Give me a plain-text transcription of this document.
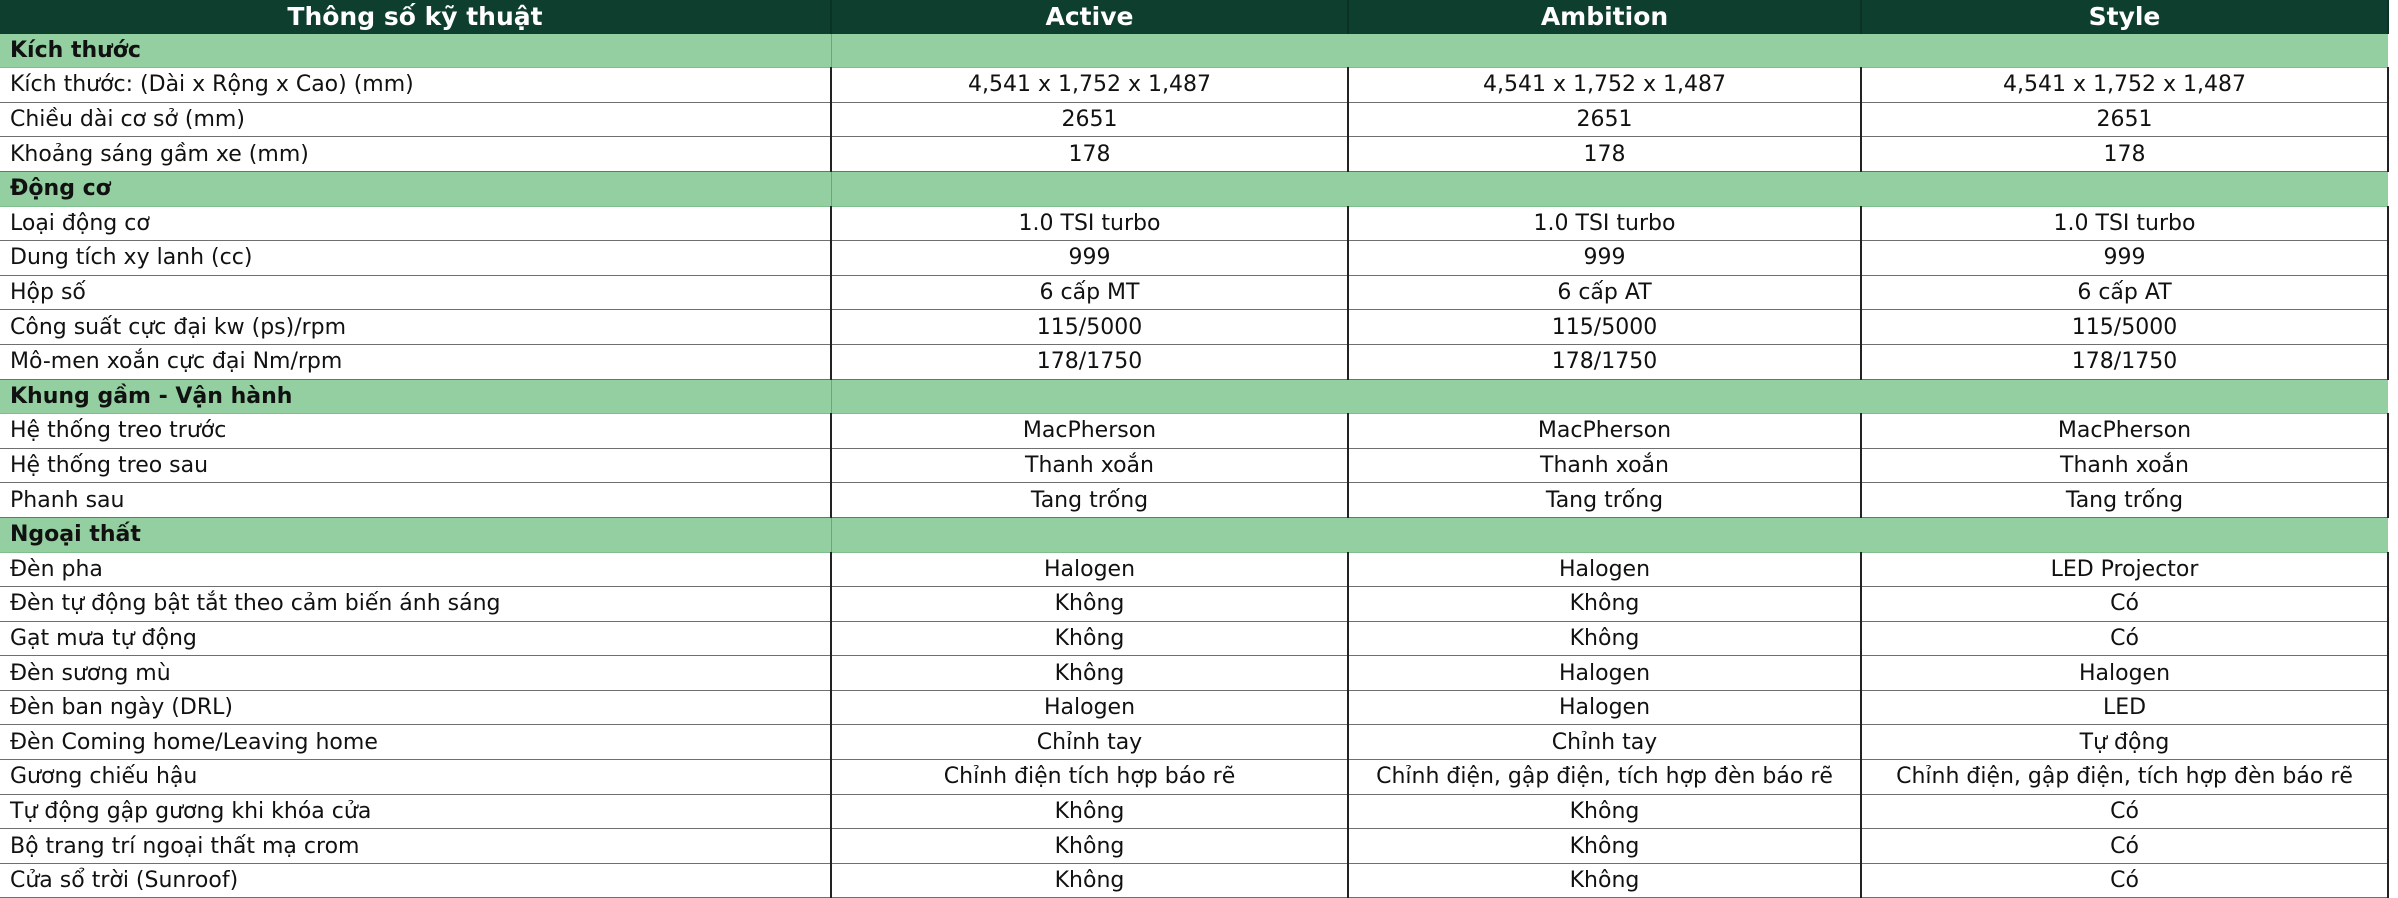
Thông số kỹ thuật	Active	Ambition	Style
Kích thước			
Kích thước: (Dài x Rộng x Cao) (mm)	4,541 x 1,752 x 1,487	4,541 x 1,752 x 1,487	4,541 x 1,752 x 1,487
Chiều dài cơ sở (mm)	2651	2651	2651
Khoảng sáng gầm xe (mm)	178	178	178
Động cơ			
Loại động cơ	1.0 TSI turbo	1.0 TSI turbo	1.0 TSI turbo
Dung tích xy lanh (cc)	999	999	999
Hộp số	6 cấp MT	6 cấp AT	6 cấp AT
Công suất cực đại kw (ps)/rpm	115/5000	115/5000	115/5000
Mô-men xoắn cực đại Nm/rpm	178/1750	178/1750	178/1750
Khung gầm - Vận hành			
Hệ thống treo trước	MacPherson	MacPherson	MacPherson
Hệ thống treo sau	Thanh xoắn	Thanh xoắn	Thanh xoắn
Phanh sau	Tang trống	Tang trống	Tang trống
Ngoại thất			
Đèn pha	Halogen	Halogen	LED Projector
Đèn tự động bật tắt theo cảm biến ánh sáng	Không	Không	Có
Gạt mưa tự động	Không	Không	Có
Đèn sương mù	Không	Halogen	Halogen
Đèn ban ngày (DRL)	Halogen	Halogen	LED
Đèn Coming home/Leaving home	Chỉnh tay	Chỉnh tay	Tự động
Gương chiếu hậu	Chỉnh điện tích hợp báo rẽ	Chỉnh điện, gập điện, tích hợp đèn báo rẽ	Chỉnh điện, gập điện, tích hợp đèn báo rẽ
Tự động gập gương khi khóa cửa	Không	Không	Có
Bộ trang trí ngoại thất mạ crom	Không	Không	Có
Cửa sổ trời (Sunroof)	Không	Không	Có
